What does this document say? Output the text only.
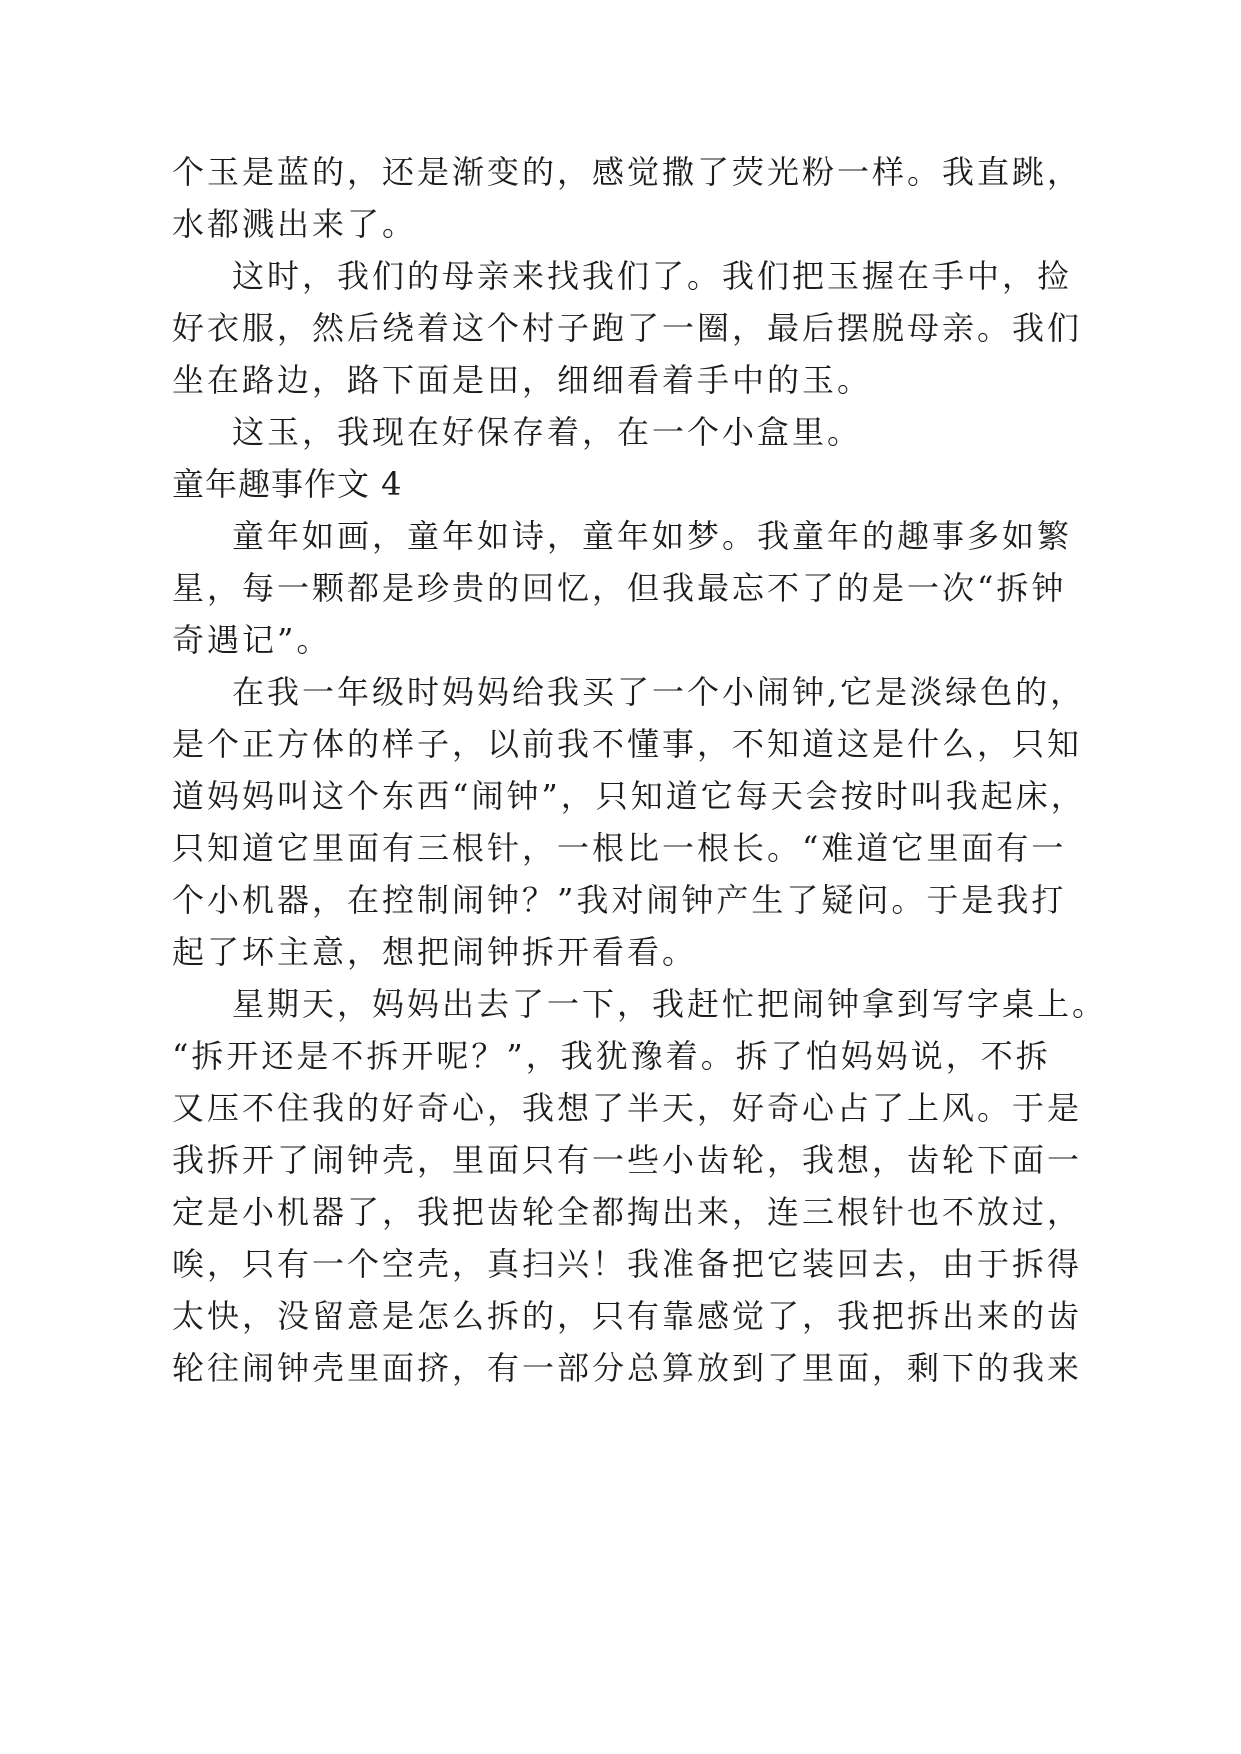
个玉是蓝的，还是渐变的，感觉撒了荧光粉一样。我直跳，
水都溅出来了。
这时，我们的母亲来找我们了。我们把玉握在手中，捡
好衣服，然后绕着这个村子跑了一圈，最后摆脱母亲。我们
坐在路边，路下面是田，细细看着手中的玉。
这玉，我现在好保存着，在一个小盒里。
童年趣事作文 4
童年如画，童年如诗，童年如梦。我童年的趣事多如繁
星，每一颗都是珍贵的回忆，但我最忘不了的是一次“拆钟
奇遇记”。
在我一年级时妈妈给我买了一个小闹钟,它是淡绿色的，
是个正方体的样子，以前我不懂事，不知道这是什么，只知
道妈妈叫这个东西“闹钟”，只知道它每天会按时叫我起床，
只知道它里面有三根针，一根比一根长。“难道它里面有一
个小机器，在控制闹钟？”我对闹钟产生了疑问。于是我打
起了坏主意，想把闹钟拆开看看。
星期天，妈妈出去了一下，我赶忙把闹钟拿到写字桌上。
“拆开还是不拆开呢？”，我犹豫着。拆了怕妈妈说，不拆
又压不住我的好奇心，我想了半天，好奇心占了上风。于是
我拆开了闹钟壳，里面只有一些小齿轮，我想，齿轮下面一
定是小机器了，我把齿轮全都掏出来，连三根针也不放过，
唉，只有一个空壳，真扫兴！我准备把它装回去，由于拆得
太快，没留意是怎么拆的，只有靠感觉了，我把拆出来的齿
轮往闹钟壳里面挤，有一部分总算放到了里面，剩下的我来
